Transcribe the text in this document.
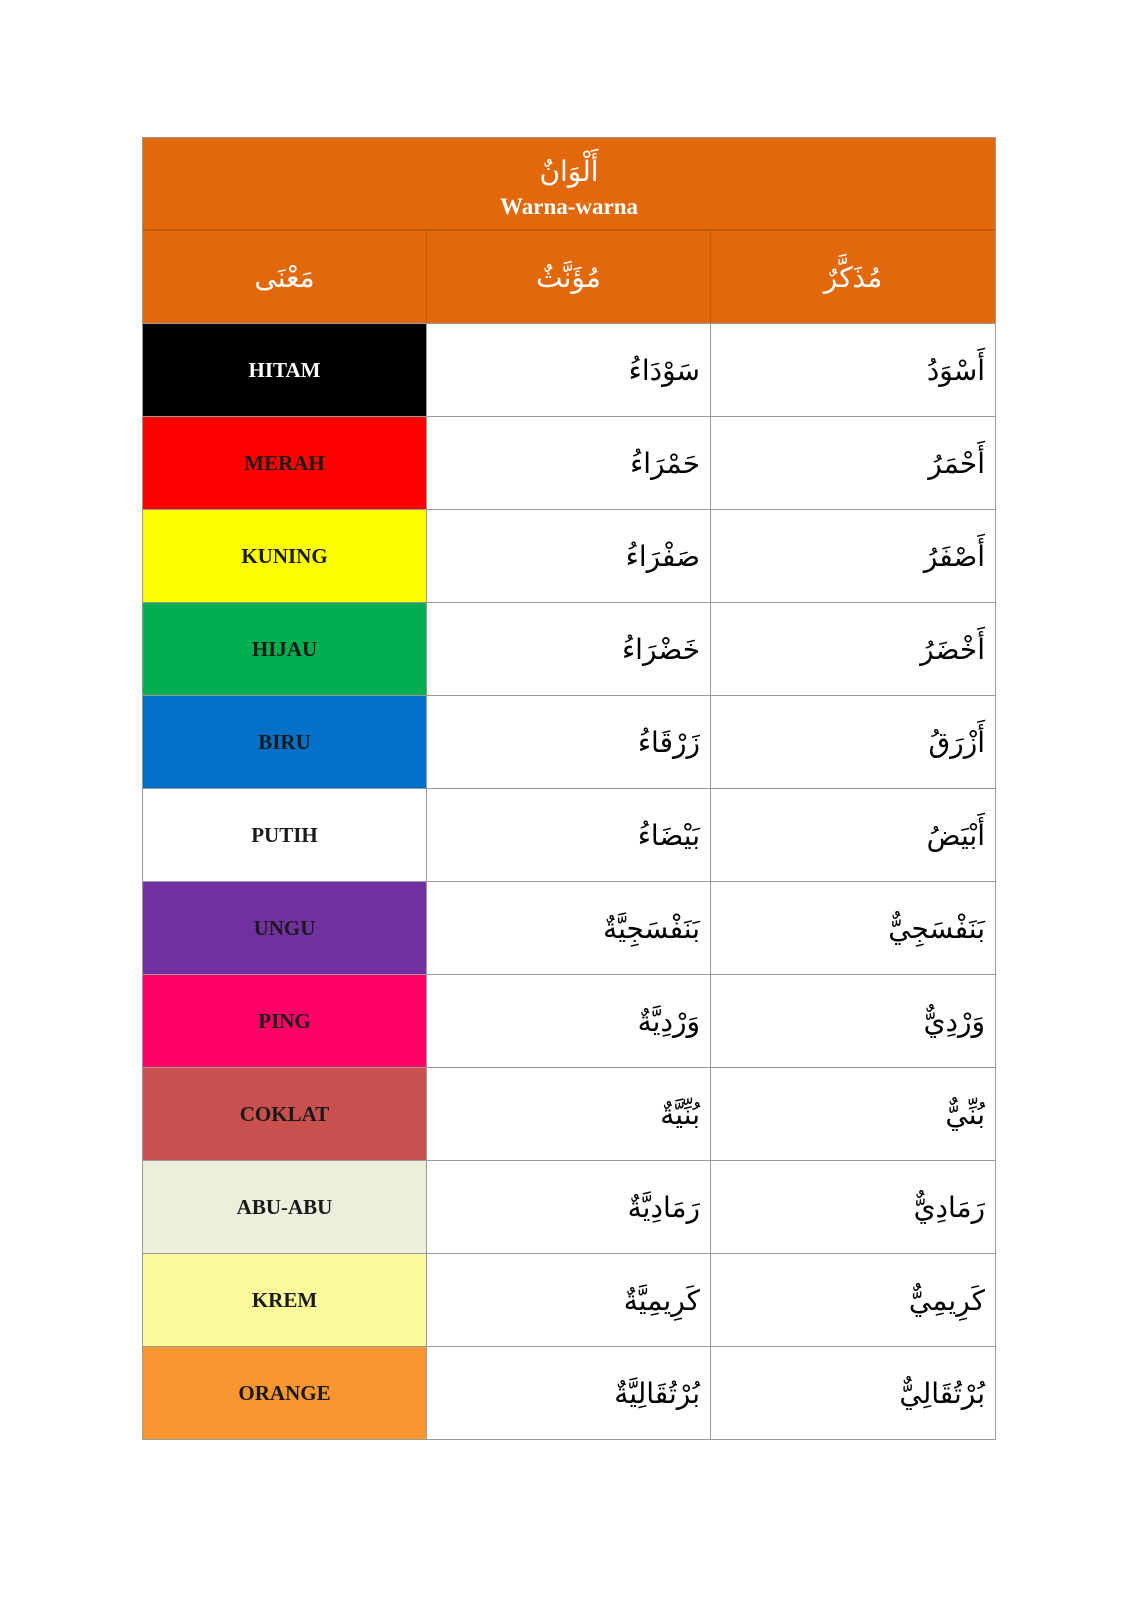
أَلْوَانٌ
Warna-warna
مَعْنَى	مُؤَنَّثٌ	مُذَكَّرٌ
HITAM	سَوْدَاءُ	أَسْوَدُ
MERAH	حَمْرَاءُ	أَحْمَرُ
KUNING	صَفْرَاءُ	أَصْفَرُ
HIJAU	خَضْرَاءُ	أَخْضَرُ
BIRU	زَرْقَاءُ	أَزْرَقُ
PUTIH	بَيْضَاءُ	أَبْيَضُ
UNGU	بَنَفْسَجِيَّةٌ	بَنَفْسَجِيٌّ
PING	وَرْدِيَّةٌ	وَرْدِيٌّ
COKLAT	بُنِّيَّةٌ	بُنِّيٌّ
ABU-ABU	رَمَادِيَّةٌ	رَمَادِيٌّ
KREM	كَرِيمِيَّةٌ	كَرِيمِيٌّ
ORANGE	بُرْتُقَالِيَّةٌ	بُرْتُقَالِيٌّ
